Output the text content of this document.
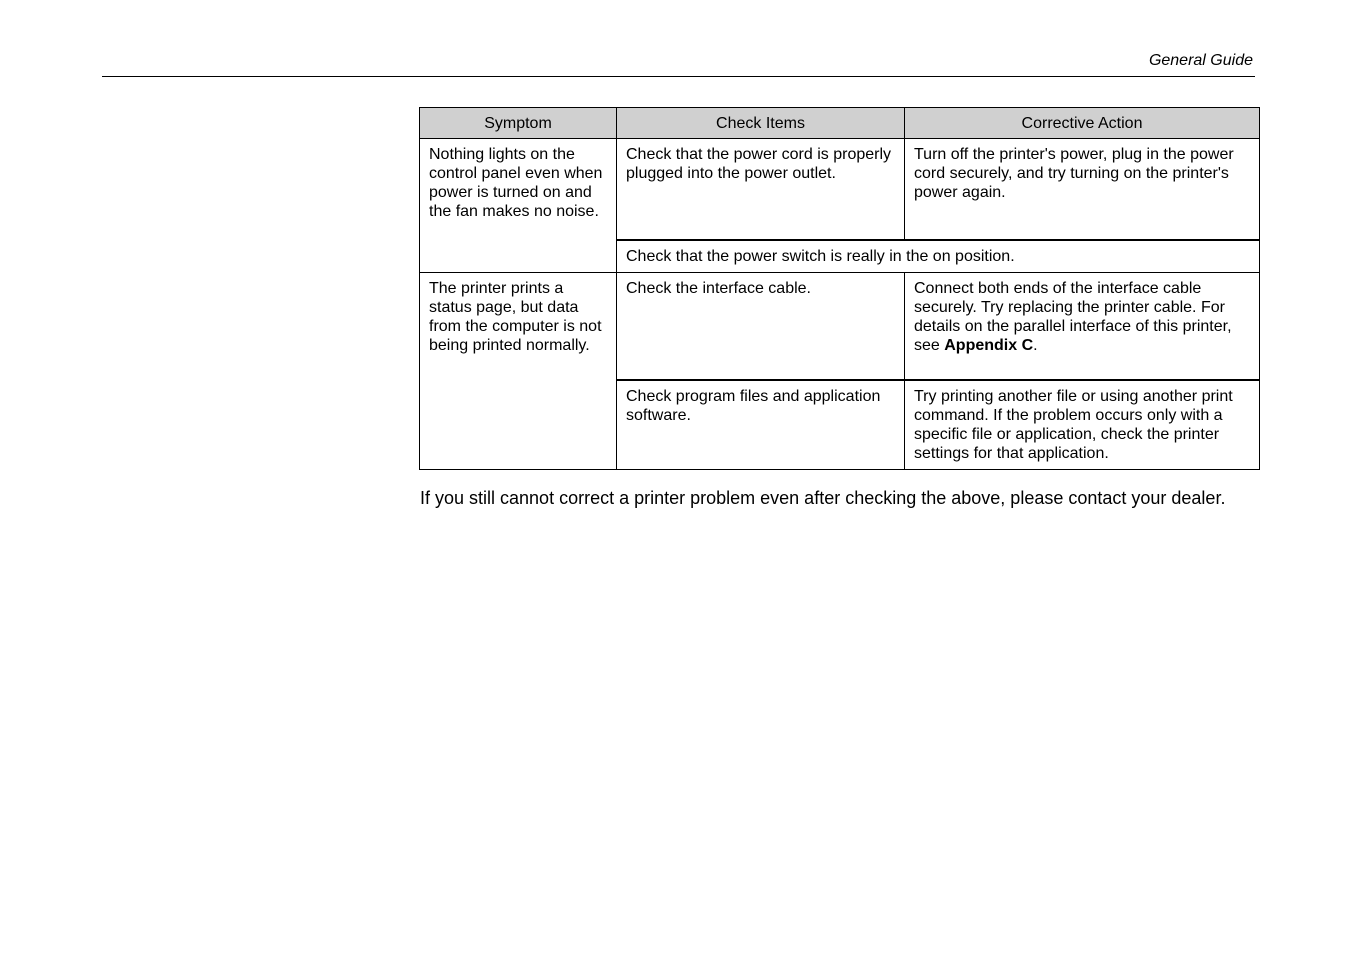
General Guide
Symptom	Check Items	Corrective Action
Nothing lights on the control panel even when power is turned on and the fan makes no noise.	Check that the power cord is properly plugged into the power outlet.	Turn off the printer's power, plug in the power cord securely, and try turning on the printer's power again.
	Check that the power switch is really in the on position.	
The printer prints a status page, but data from the computer is not being printed normally.	Check the interface cable.	Connect both ends of the interface cable securely. Try replacing the printer cable. For details on the parallel interface of this printer, see Appendix C.
	Check program files and application software.	Try printing another file or using another print command. If the problem occurs only with a specific file or application, check the printer settings for that application.
If you still cannot correct a printer problem even after checking the above, please contact your dealer.
